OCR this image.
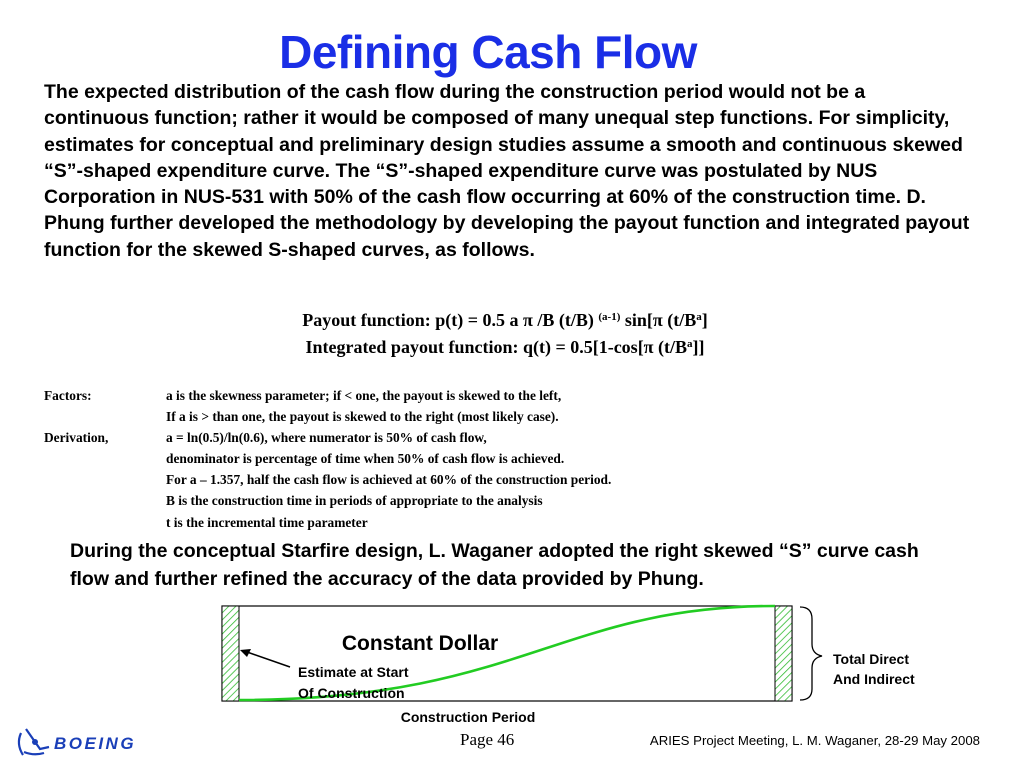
Defining Cash Flow

The expected distribution of the cash flow during the construction period would not be a continuous function; rather it would be composed of many unequal step functions. For simplicity, estimates for conceptual and preliminary design studies assume a smooth and continuous skewed “S”-shaped expenditure curve. The “S”-shaped expenditure curve was postulated by NUS Corporation in NUS-531 with 50% of the cash flow occurring at 60% of the construction time. D. Phung further developed the methodology by developing the payout function and integrated payout function for the skewed S-shaped curves, as follows.

Payout function: p(t) = 0.5 a π /B (t/B) $^{(a-1)}$ sin[π $(t/B^a]$
Integrated payout function: q(t) = 0.5[1-cos[π $(t/B^a]$]
Factors:	a is the skewness parameter; if < one, the payout is skewed to the left,
If a is > than one, the payout is skewed to the right (most likely case).
Derivation,	a = ln(0.5)/ln(0.6), where numerator is 50% of cash flow,
denominator is percentage of time when 50% of cash flow is achieved.
For a – 1.357, half the cash flow is achieved at 60% of the construction period.
B is the construction time in periods of appropriate to the analysis
t is the incremental time parameter

During the conceptual Starfire design, L. Waganer adopted the right skewed “S” curve cash flow and further refined the accuracy of the data provided by Phung.

Constant Dollar
Estimate at Start
Of Construction
Construction Period
Total Direct
And Indirect
BOEING	Page 46	ARIES Project Meeting, L. M. Waganer, 28-29 May 2008
